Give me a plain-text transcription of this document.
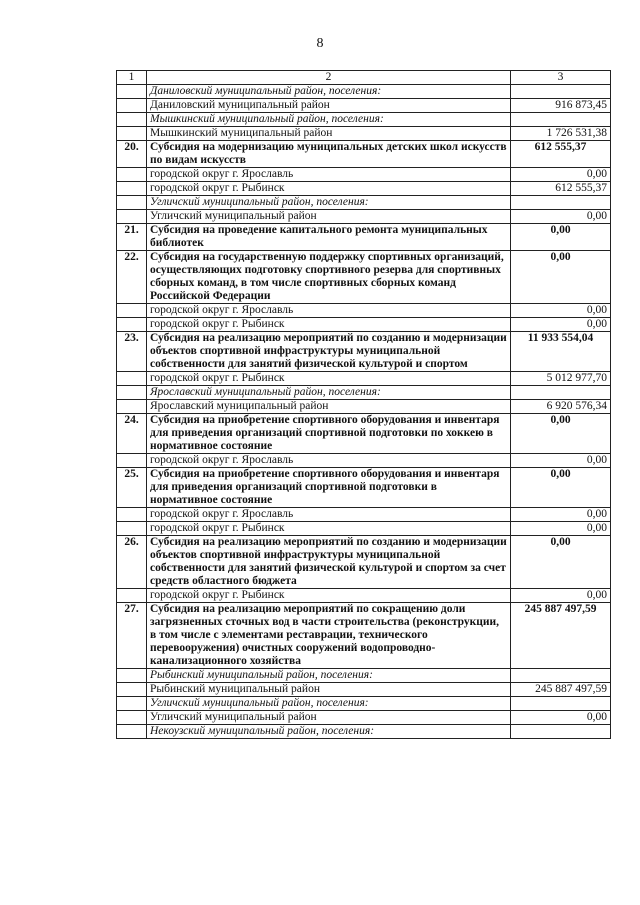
8
1	2	3
	Даниловский муниципальный район, поселения:	
	Даниловский муниципальный район	916 873,45
	Мышкинский муниципальный район, поселения:	
	Мышкинский муниципальный район	1 726 531,38
20.	Субсидия на модернизацию муниципальных детских школ искусств по видам искусств	612 555,37
	городской округ г. Ярославль	0,00
	городской округ г. Рыбинск	612 555,37
	Угличский муниципальный район, поселения:	
	Угличский муниципальный район	0,00
21.	Субсидия на проведение капитального ремонта муниципальных библиотек	0,00
22.	Субсидия на государственную поддержку спортивных организаций, осуществляющих подготовку спортивного резерва для спортивных сборных команд, в том числе спортивных сборных команд Российской Федерации	0,00
	городской округ г. Ярославль	0,00
	городской округ г. Рыбинск	0,00
23.	Субсидия на реализацию мероприятий по созданию и модернизации объектов спортивной инфраструктуры муниципальной собственности для занятий физической культурой и спортом	11 933 554,04
	городской округ г. Рыбинск	5 012 977,70
	Ярославский муниципальный район, поселения:	
	Ярославский муниципальный район	6 920 576,34
24.	Субсидия на приобретение спортивного оборудования и инвентаря для приведения организаций спортивной подготовки по хоккею в нормативное состояние	0,00
	городской округ г. Ярославль	0,00
25.	Субсидия на приобретение спортивного оборудования и инвентаря для приведения организаций спортивной подготовки в нормативное состояние	0,00
	городской округ г. Ярославль	0,00
	городской округ г. Рыбинск	0,00
26.	Субсидия на реализацию мероприятий по созданию и модернизации объектов спортивной инфраструктуры муниципальной собственности для занятий физической культурой и спортом за счет средств областного бюджета	0,00
	городской округ г. Рыбинск	0,00
27.	Субсидия на реализацию мероприятий по сокращению доли загрязненных сточных вод в части строительства (реконструкции, в том числе с элементами реставрации, технического перевооружения) очистных сооружений водопроводно-канализационного хозяйства	245 887 497,59
	Рыбинский муниципальный район, поселения:	
	Рыбинский муниципальный район	245 887 497,59
	Угличский муниципальный район, поселения:	
	Угличский муниципальный район	0,00
	Некоузский муниципальный район, поселения:	
